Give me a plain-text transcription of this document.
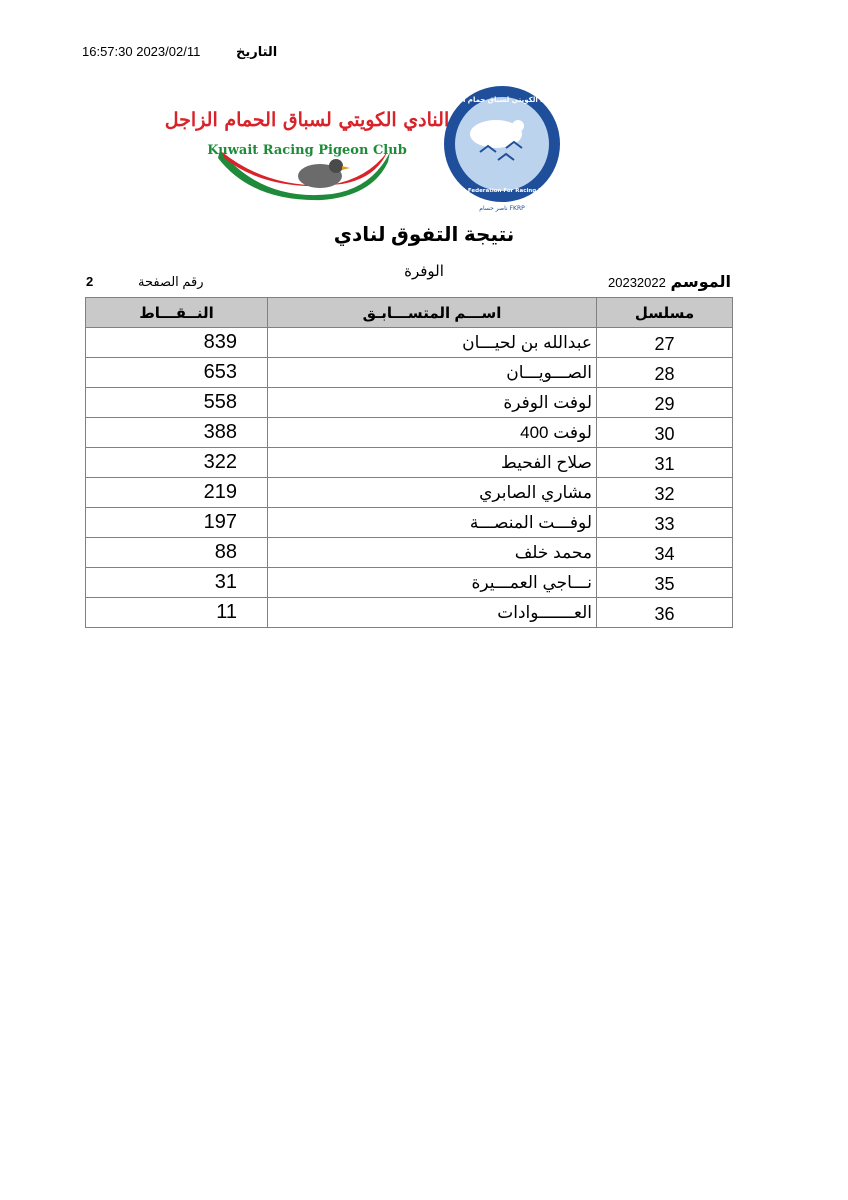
16:57:30 2023/02/11	التاريخ
النادي الكويتي لسباق الحمام الزاجل
Kuwait Racing Pigeon Club
الاتحاد الكويتي لسباق حمام الزاجل
Kuwait Federation For Racing Pigeon
ناصر حسام FKRP
نتيجة التفوق لنادي
الوفرة
20232022 الموسم
2	رقم الصفحة
النــقـــاط	اســـم المتســـابـق	مسلسل
839	عبدالله بن لحيـــان	27
653	الصـــويـــان	28
558	لوفت الوفرة	29
388	لوفت 400	30
322	صلاح الفحيط	31
219	مشاري الصابري	32
197	لوفـــت المنصـــة	33
88	محمد خلف	34
31	نـــاجي العمـــيرة	35
11	العـــــــوادات	36
